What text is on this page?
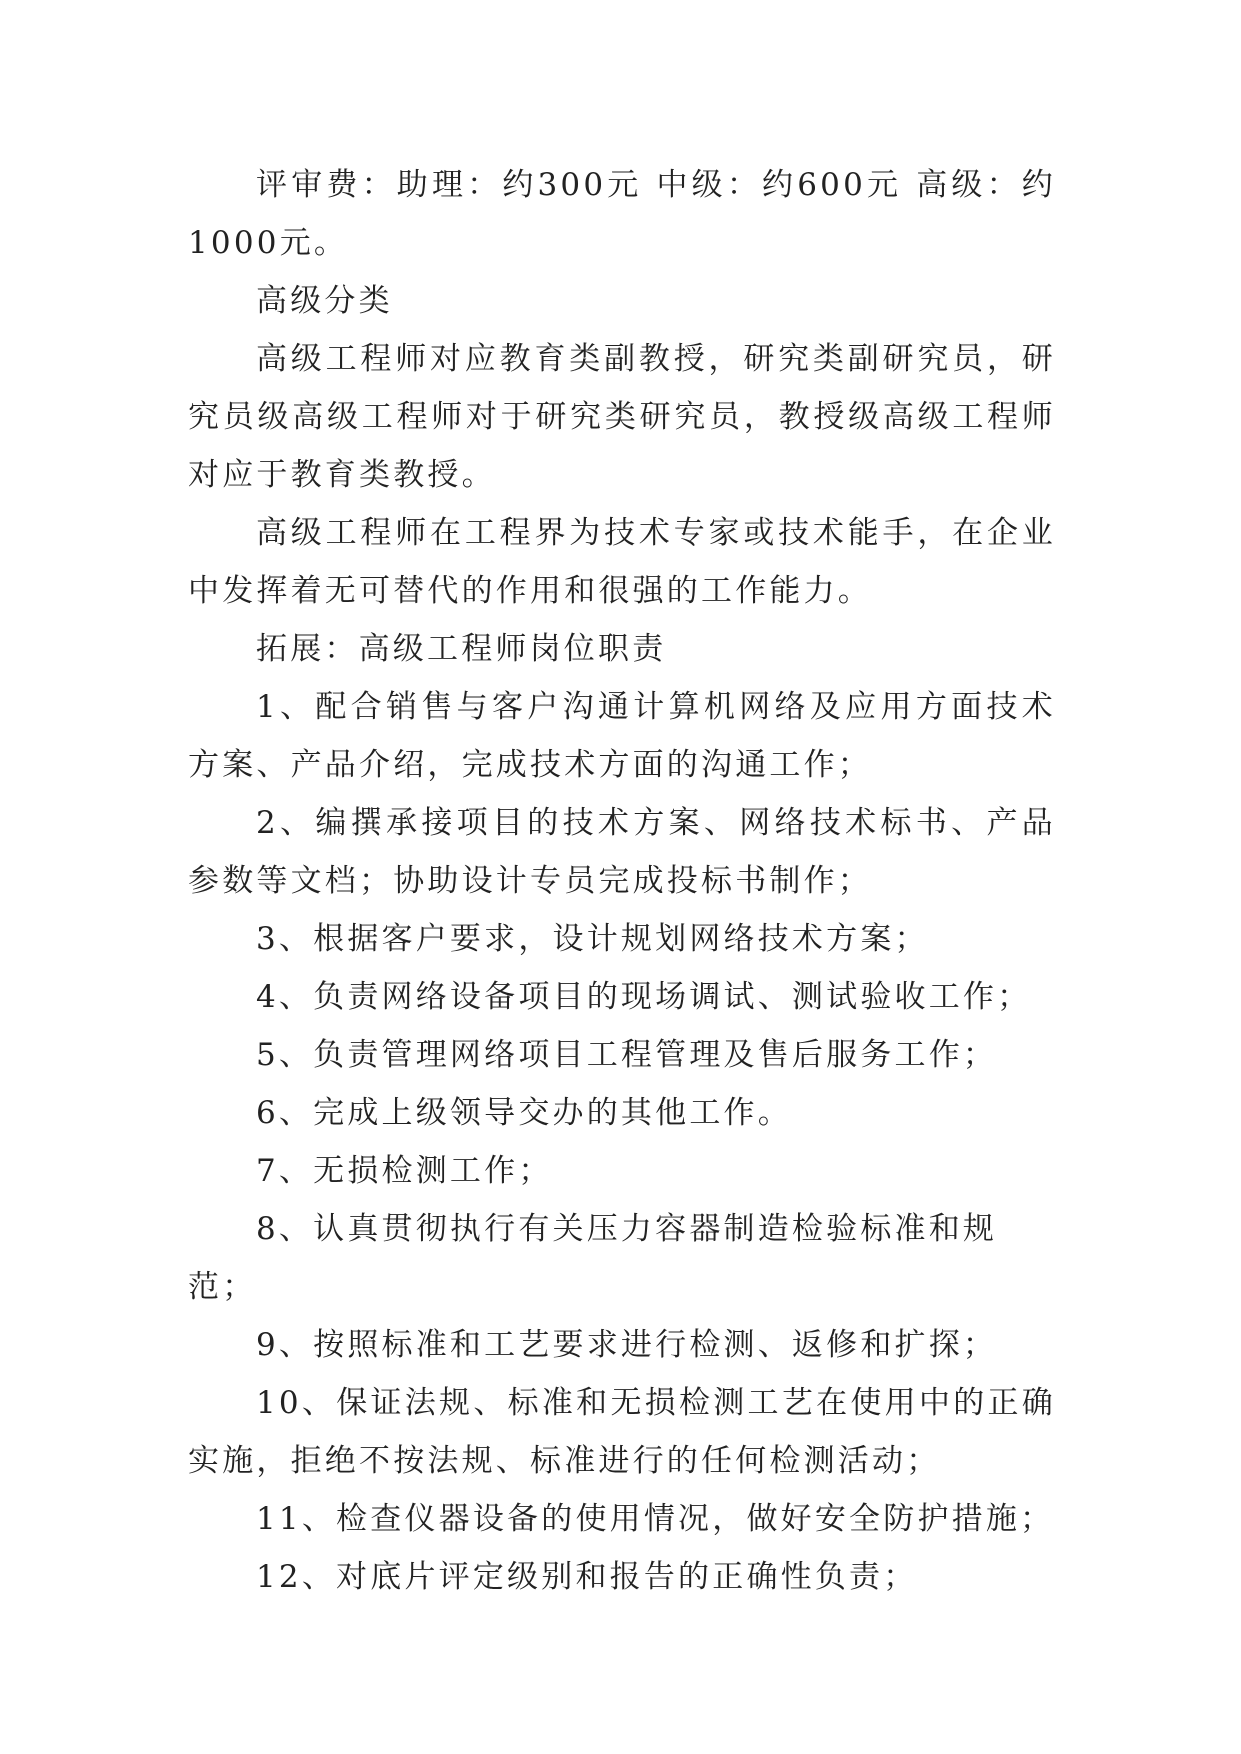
评审费：助理：约300元 中级：约600元 高级：约1000元。

高级分类

高级工程师对应教育类副教授，研究类副研究员，研究员级高级工程师对于研究类研究员，教授级高级工程师对应于教育类教授。

高级工程师在工程界为技术专家或技术能手，在企业中发挥着无可替代的作用和很强的工作能力。

拓展：高级工程师岗位职责

1、配合销售与客户沟通计算机网络及应用方面技术方案、产品介绍，完成技术方面的沟通工作；

2、编撰承接项目的技术方案、网络技术标书、产品参数等文档；协助设计专员完成投标书制作；

3、根据客户要求，设计规划网络技术方案；

4、负责网络设备项目的现场调试、测试验收工作；

5、负责管理网络项目工程管理及售后服务工作；

6、完成上级领导交办的其他工作。

7、无损检测工作；

8、认真贯彻执行有关压力容器制造检验标准和规范；

9、按照标准和工艺要求进行检测、返修和扩探；

10、保证法规、标准和无损检测工艺在使用中的正确实施，拒绝不按法规、标准进行的任何检测活动；

11、检查仪器设备的使用情况，做好安全防护措施；

12、对底片评定级别和报告的正确性负责；
